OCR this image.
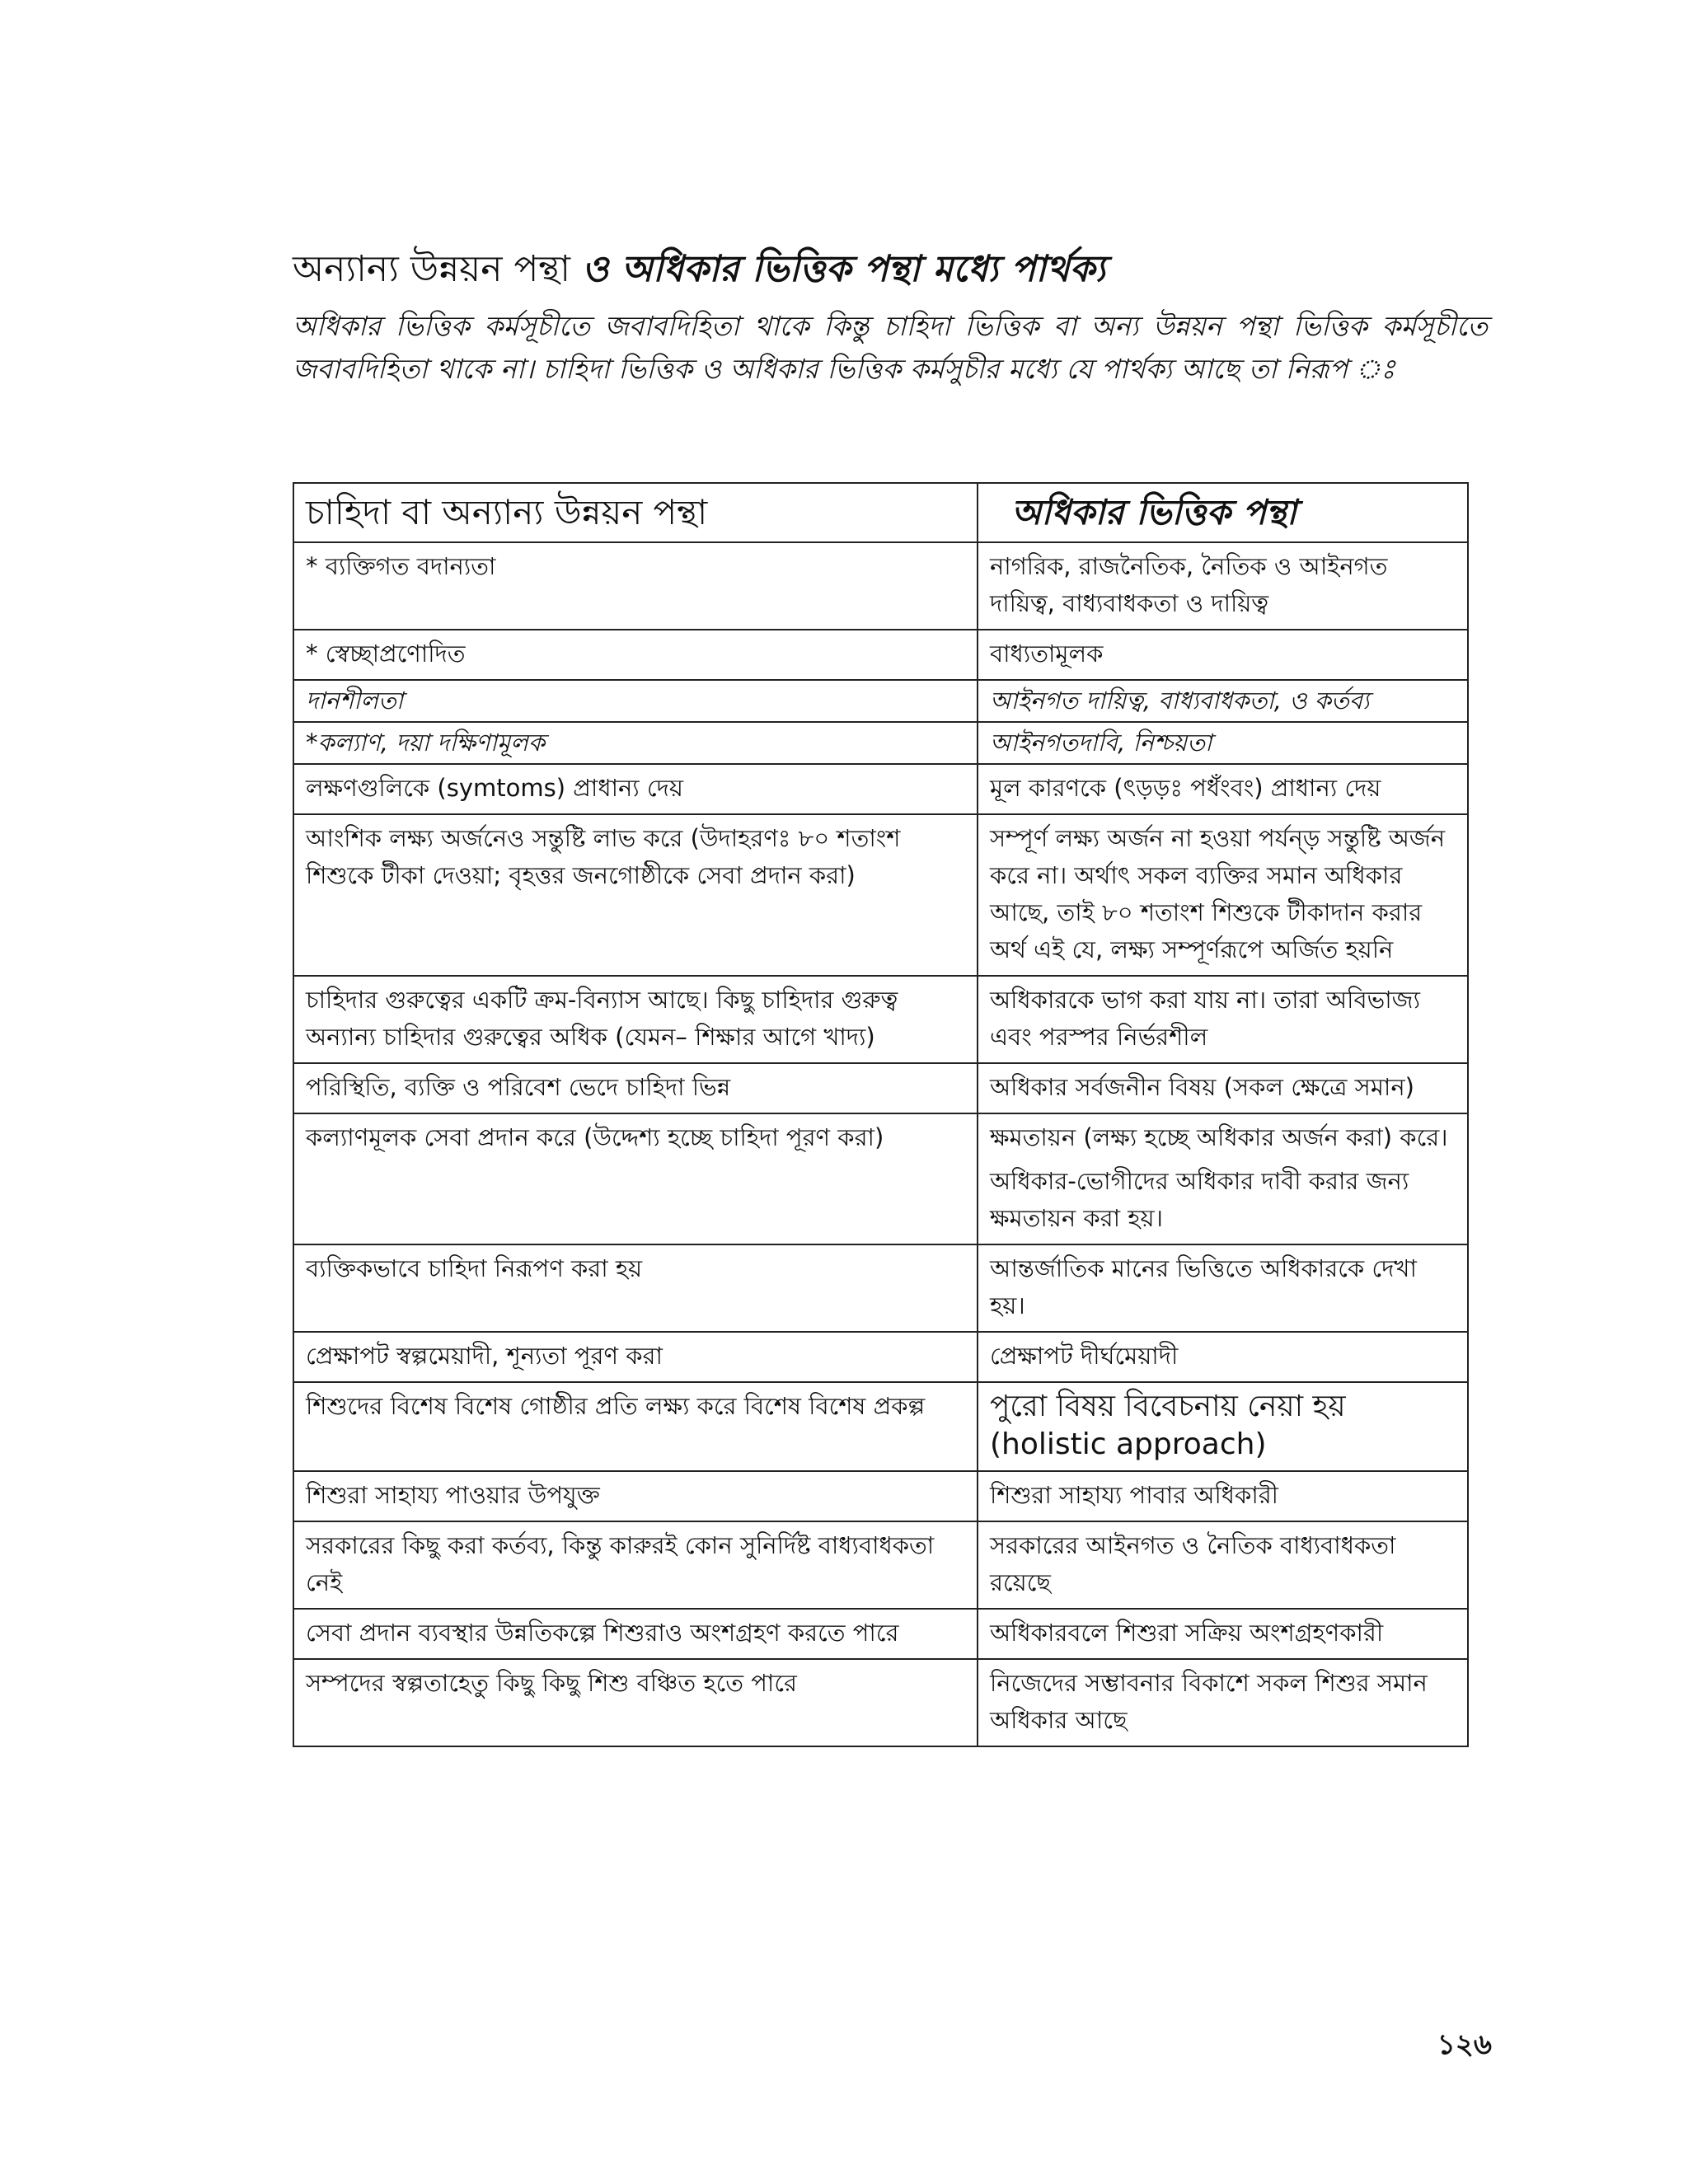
অন্যান্য উন্নয়ন পন্থা ও অধিকার ভিত্তিক পন্থা মধ্যে পার্থক্য
অধিকার ভিত্তিক কর্মসূচীতে জবাবদিহিতা থাকে কিন্তু চাহিদা ভিত্তিক বা অন্য উন্নয়ন পন্থা ভিত্তিক কর্মসূচীতে জবাবদিহিতা থাকে না। চাহিদা ভিত্তিক ও অধিকার ভিত্তিক কর্মসুচীর মধ্যে যে পার্থক্য আছে তা নিরূপ ঃ
চাহিদা বা অন্যান্য উন্নয়ন পন্থা	অধিকার ভিত্তিক পন্থা
* ব্যক্তিগত বদান্যতা	নাগরিক, রাজনৈতিক, নৈতিক ও আইনগত দায়িত্ব, বাধ্যবাধকতা ও দায়িত্ব
* স্বেচ্ছাপ্রণোদিত	বাধ্যতামূলক
দানশীলতা	আইনগত দায়িত্ব, বাধ্যবাধকতা, ও কর্তব্য
*কল্যাণ, দয়া দক্ষিণামূলক	আইনগতদাবি, নিশ্চয়তা
লক্ষণগুলিকে (symtoms) প্রাধান্য দেয়	মূল কারণকে (ৎড়ড়ঃ পধঁংবং) প্রাধান্য দেয়
আংশিক লক্ষ্য অর্জনেও সন্তুষ্টি লাভ করে (উদাহরণঃ ৮০ শতাংশ শিশুকে টীকা দেওয়া; বৃহত্তর জনগোষ্ঠীকে সেবা প্রদান করা)	সম্পূর্ণ লক্ষ্য অর্জন না হওয়া পর্যন্ড় সন্তুষ্টি অর্জন করে না। অর্থাৎ সকল ব্যক্তির সমান অধিকার আছে, তাই ৮০ শতাংশ শিশুকে টীকাদান করার অর্থ এই যে, লক্ষ্য সম্পূর্ণরূপে অর্জিত হয়নি
চাহিদার গুরুত্বের একটি ক্রম-বিন্যাস আছে। কিছু চাহিদার গুরুত্ব অন্যান্য চাহিদার গুরুত্বের অধিক (যেমন– শিক্ষার আগে খাদ্য)	অধিকারকে ভাগ করা যায় না। তারা অবিভাজ্য এবং পরস্পর নির্ভরশীল
পরিস্থিতি, ব্যক্তি ও পরিবেশ ভেদে চাহিদা ভিন্ন	অধিকার সর্বজনীন বিষয় (সকল ক্ষেত্রে সমান)
কল্যাণমূলক সেবা প্রদান করে (উদ্দেশ্য হচ্ছে চাহিদা পূরণ করা)	ক্ষমতায়ন (লক্ষ্য হচ্ছে অধিকার অর্জন করা) করে।
অধিকার-ভোগীদের অধিকার দাবী করার জন্য ক্ষমতায়ন করা হয়।

ব্যক্তিকভাবে চাহিদা নিরূপণ করা হয়	আন্তর্জাতিক মানের ভিত্তিতে অধিকারকে দেখা হয়।
প্রেক্ষাপট স্বল্পমেয়াদী, শূন্যতা পূরণ করা	প্রেক্ষাপট দীর্ঘমেয়াদী
শিশুদের বিশেষ বিশেষ গোষ্ঠীর প্রতি লক্ষ্য করে বিশেষ বিশেষ প্রকল্প	পুরো বিষয় বিবেচনায় নেয়া হয় (holistic approach)
শিশুরা সাহায্য পাওয়ার উপযুক্ত	শিশুরা সাহায্য পাবার অধিকারী
সরকারের কিছু করা কর্তব্য, কিন্তু কারুরই কোন সুনির্দিষ্ট বাধ্যবাধকতা নেই	সরকারের আইনগত ও নৈতিক বাধ্যবাধকতা রয়েছে
সেবা প্রদান ব্যবস্থার উন্নতিকল্পে শিশুরাও অংশগ্রহণ করতে পারে	অধিকারবলে শিশুরা সক্রিয় অংশগ্রহণকারী
সম্পদের স্বল্পতাহেতু কিছু কিছু শিশু বঞ্চিত হতে পারে	নিজেদের সম্ভাবনার বিকাশে সকল শিশুর সমান অধিকার আছে
১২৬
